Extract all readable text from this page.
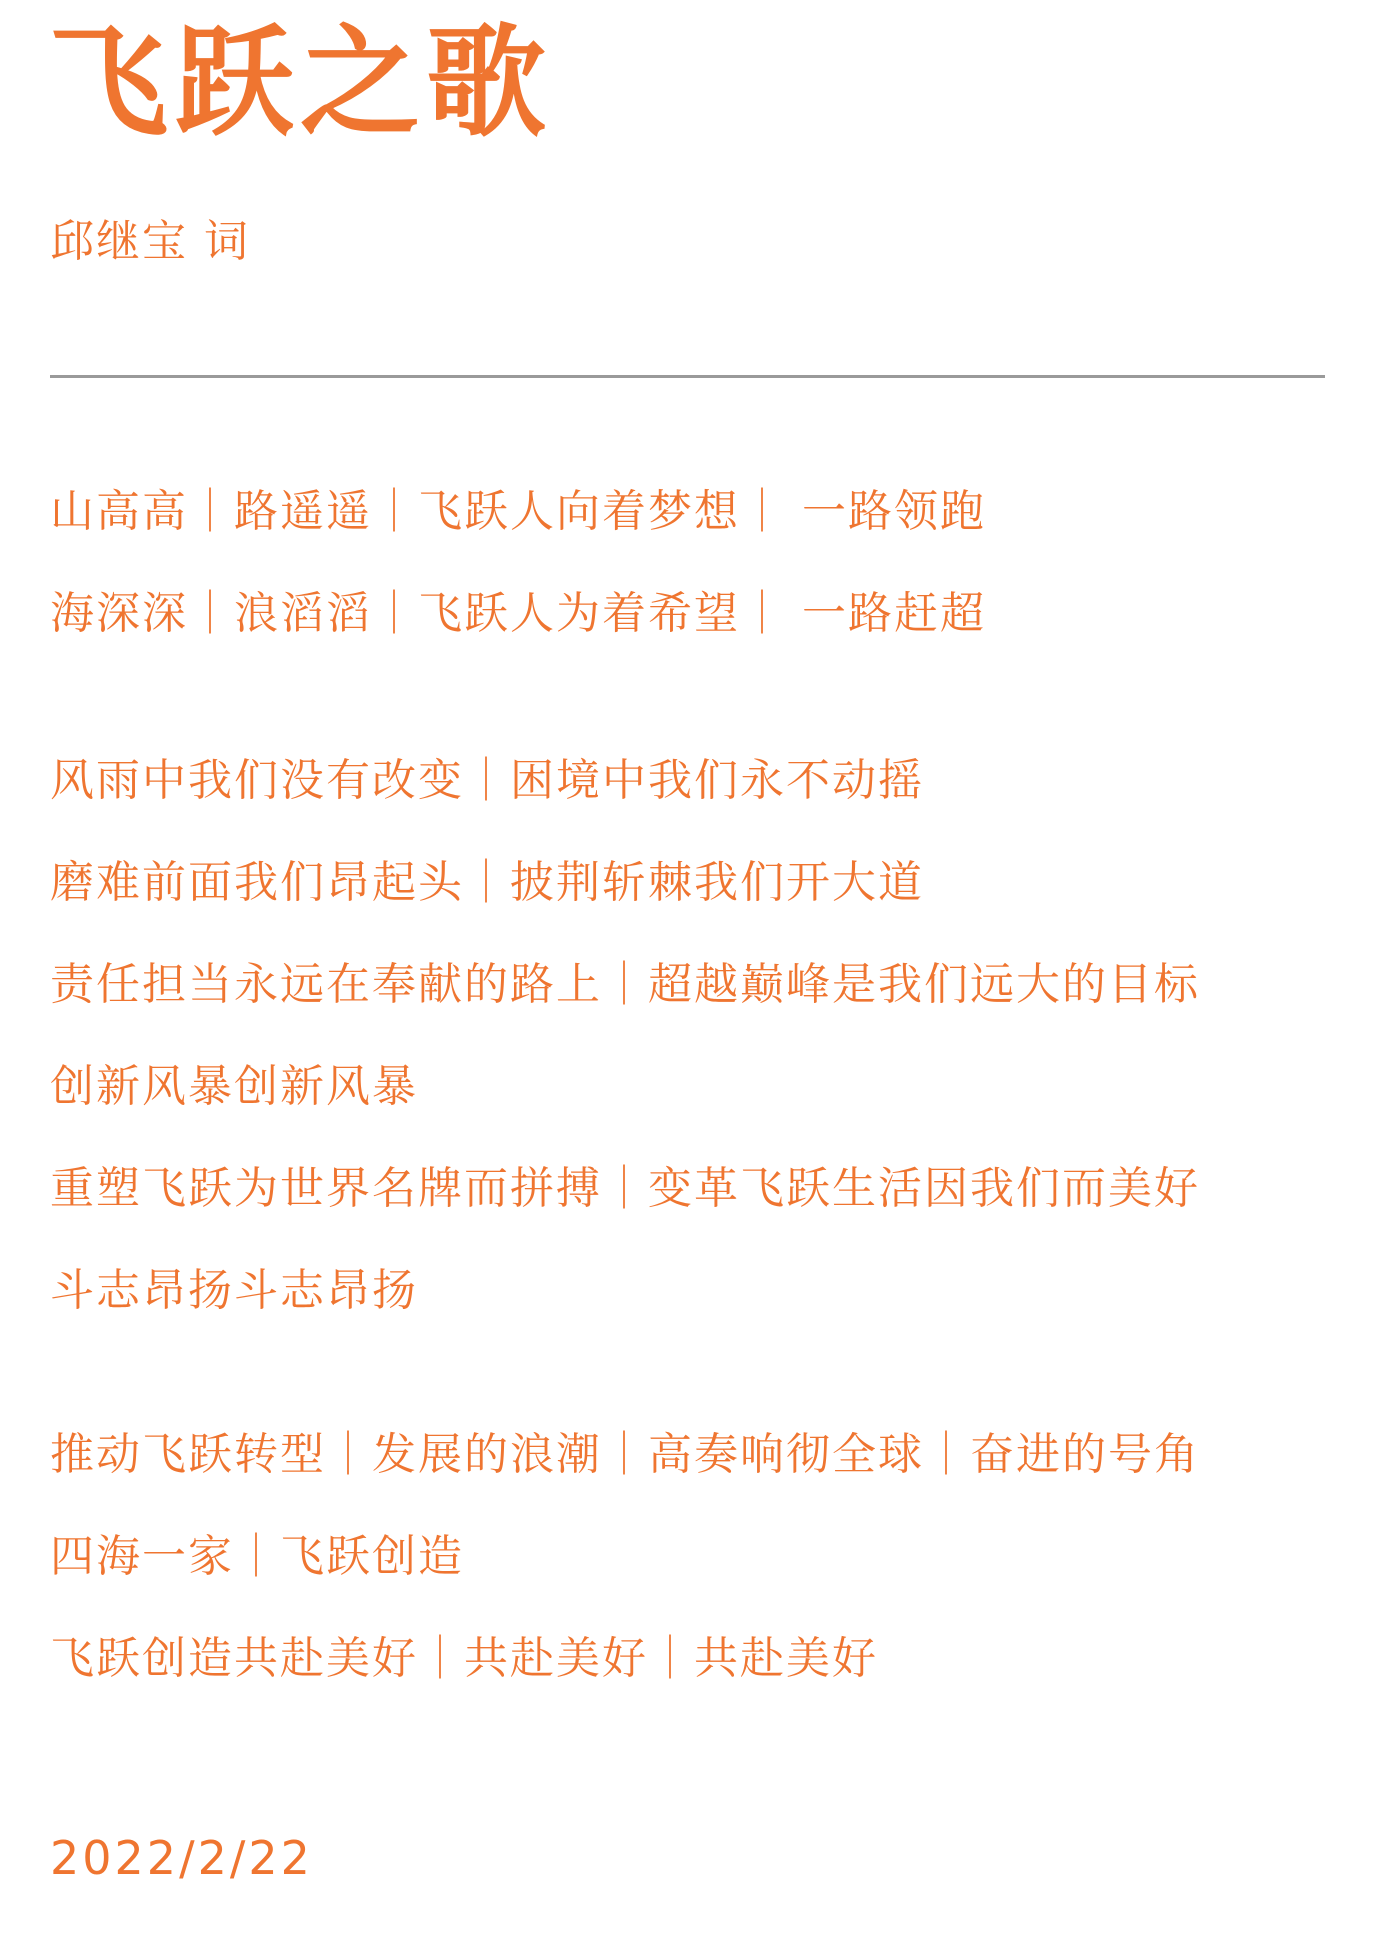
飞跃之歌
邱继宝 词
山高高｜路遥遥｜飞跃人向着梦想｜ 一路领跑
海深深｜浪滔滔｜飞跃人为着希望｜ 一路赶超
风雨中我们没有改变｜困境中我们永不动摇
磨难前面我们昂起头｜披荆斩棘我们开大道
责任担当永远在奉献的路上｜超越巅峰是我们远大的目标
创新风暴创新风暴
重塑飞跃为世界名牌而拼搏｜变革飞跃生活因我们而美好
斗志昂扬斗志昂扬
推动飞跃转型｜发展的浪潮｜高奏响彻全球｜奋进的号角
四海一家｜飞跃创造
飞跃创造共赴美好｜共赴美好｜共赴美好
2022/2/22
